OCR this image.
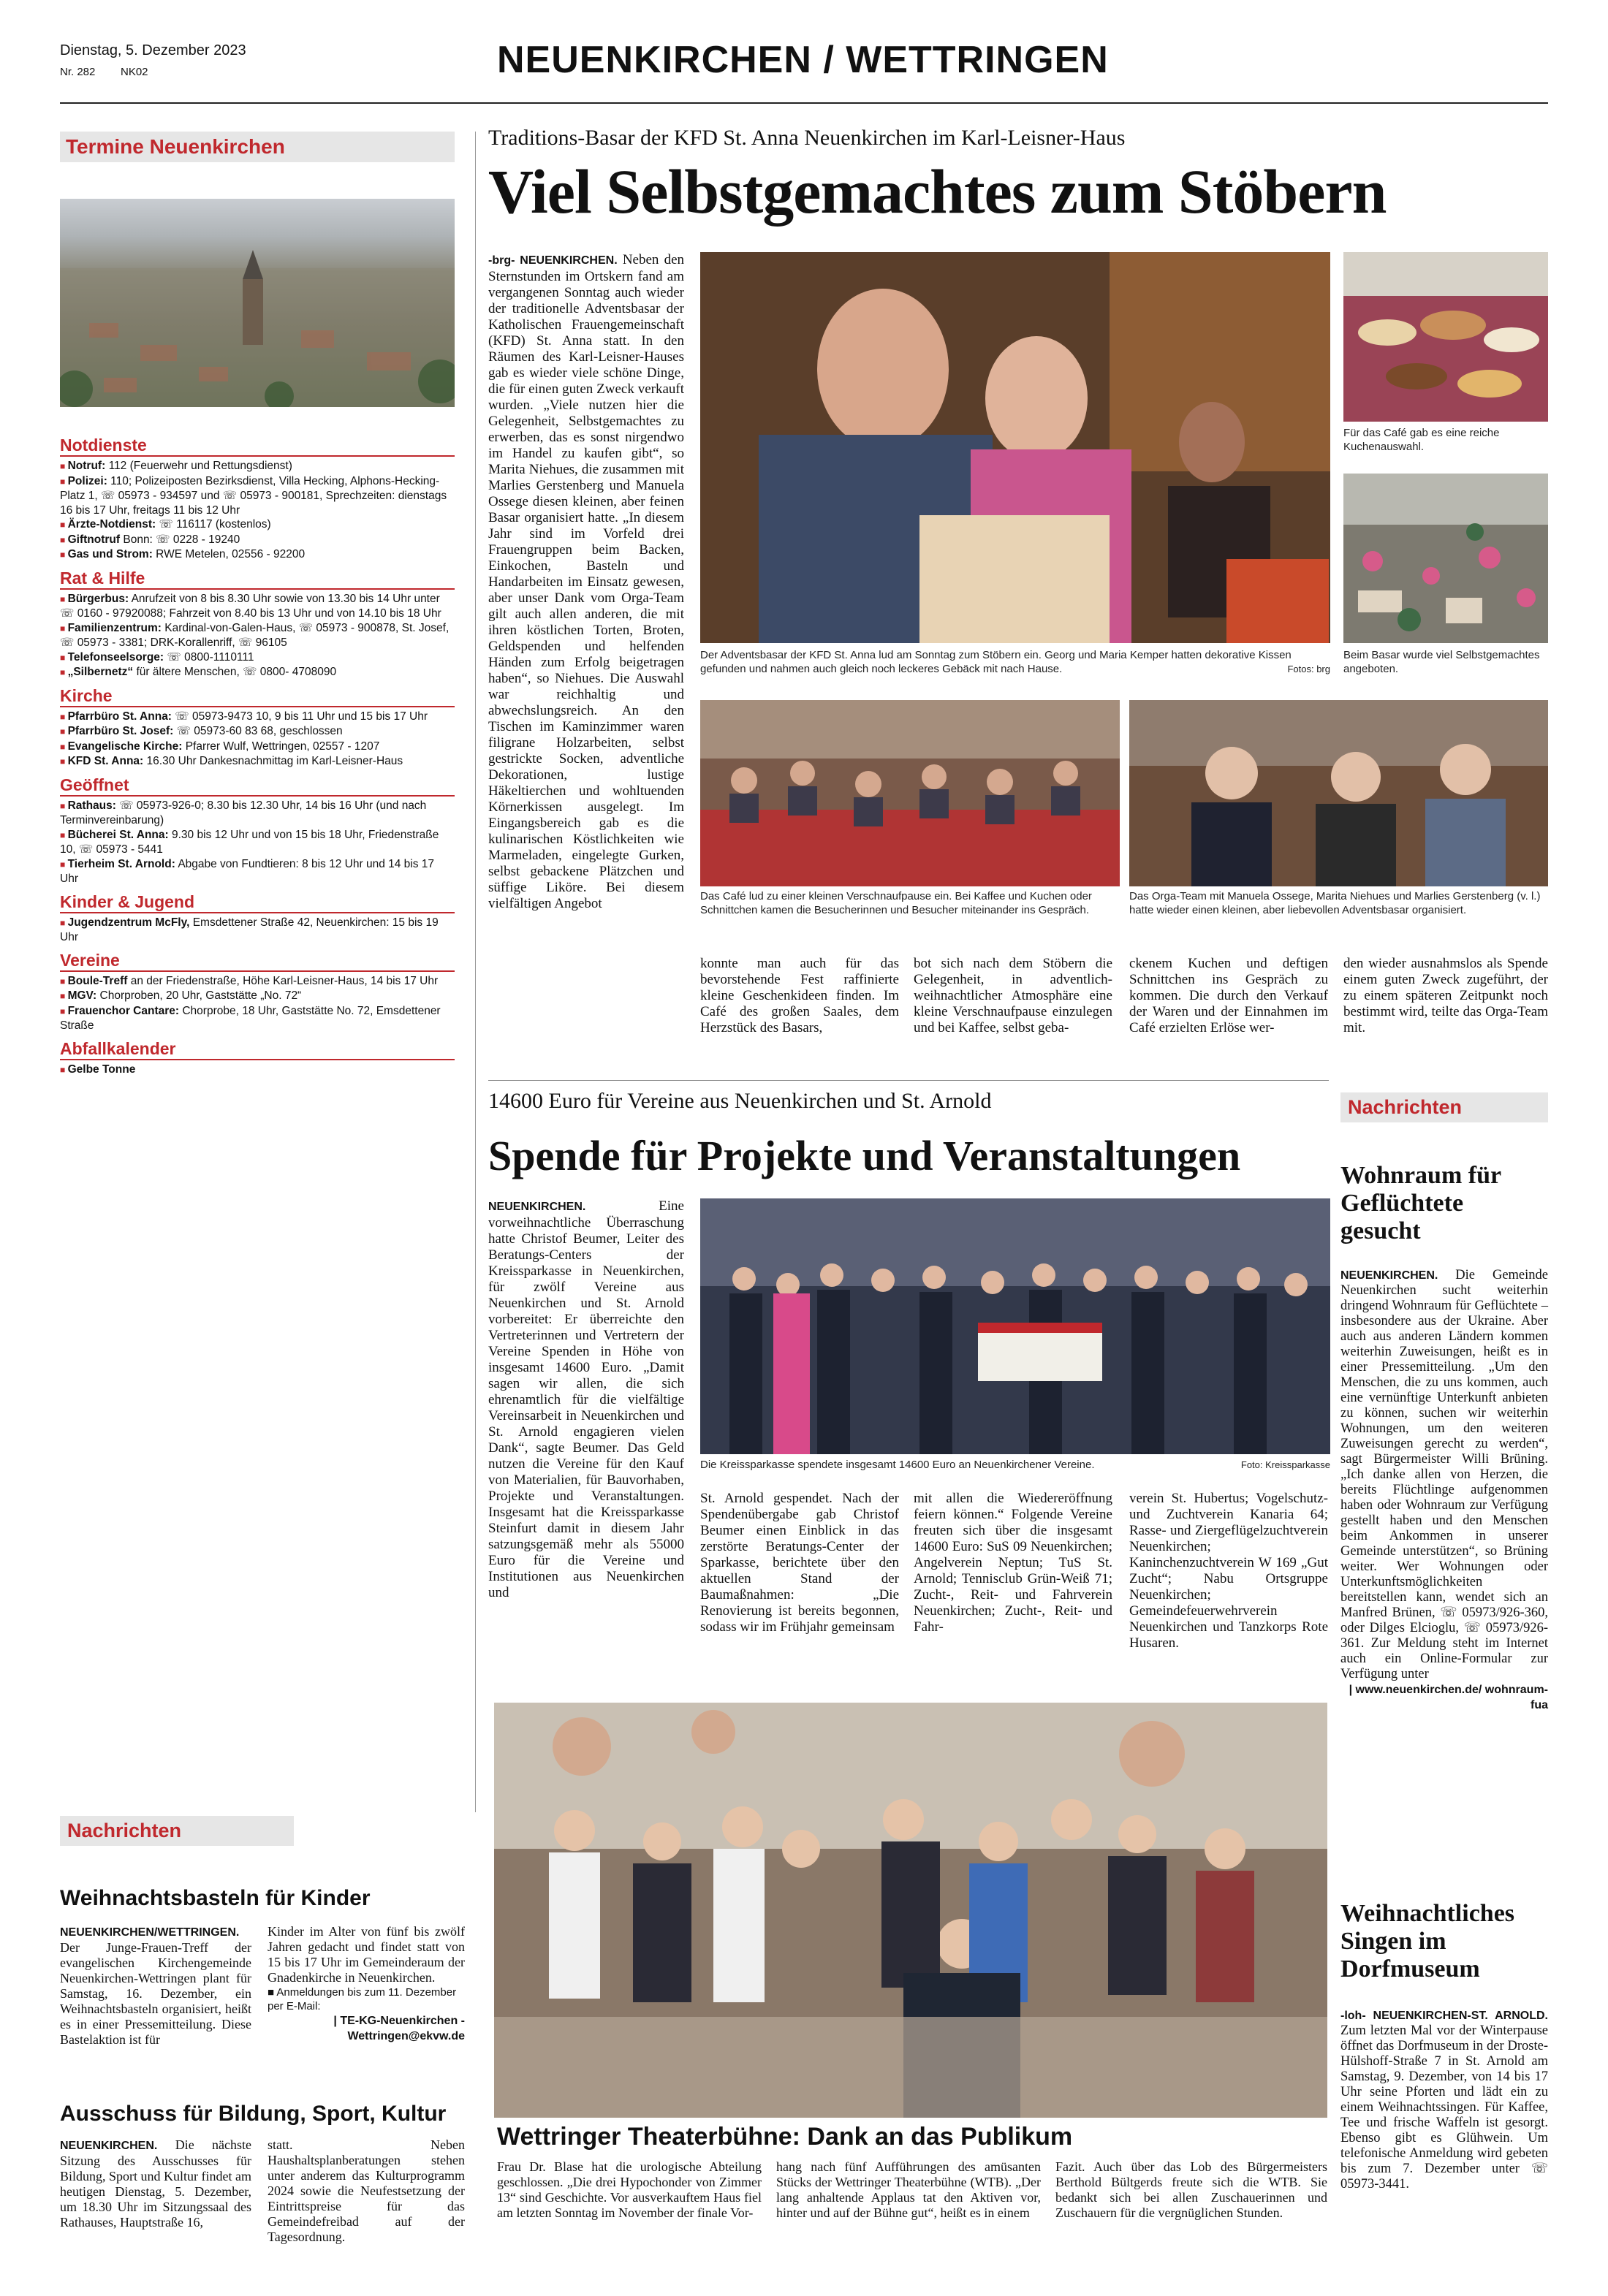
Dienstag, 5. Dezember 2023
Nr. 282 NK02	NEUENKIRCHEN / WETTRINGEN
Termine Neuenkirchen
Notdienste
■ Notruf: 112 (Feuerwehr und Rettungsdienst)
■ Polizei: 110; Polizeiposten Bezirksdienst, Villa Hecking, Alphons-Hecking-Platz 1, ☏ 05973 - 934597 und ☏ 05973 - 900181, Sprechzeiten: dienstags 16 bis 17 Uhr, freitags 11 bis 12 Uhr
■ Ärzte-Notdienst: ☏ 116117 (kostenlos)
■ Giftnotruf Bonn: ☏ 0228 - 19240
■ Gas und Strom: RWE Metelen, 02556 - 92200
Rat & Hilfe
■ Bürgerbus: Anrufzeit von 8 bis 8.30 Uhr sowie von 13.30 bis 14 Uhr unter ☏ 0160 - 97920088; Fahrzeit von 8.40 bis 13 Uhr und von 14.10 bis 18 Uhr
■ Familienzentrum: Kardinal-von-Galen-Haus, ☏ 05973 - 900878, St. Josef, ☏ 05973 - 3381; DRK-Korallenriff, ☏ 96105
■ Telefonseelsorge: ☏ 0800-1110111
■ „Silbernetz“ für ältere Menschen, ☏ 0800- 4708090
Kirche
■ Pfarrbüro St. Anna: ☏ 05973-9473 10, 9 bis 11 Uhr und 15 bis 17 Uhr
■ Pfarrbüro St. Josef: ☏ 05973-60 83 68, geschlossen
■ Evangelische Kirche: Pfarrer Wulf, Wettringen, 02557 - 1207
■ KFD St. Anna: 16.30 Uhr Dankesnachmittag im Karl-Leisner-Haus
Geöffnet
■ Rathaus: ☏ 05973-926-0; 8.30 bis 12.30 Uhr, 14 bis 16 Uhr (und nach Terminvereinbarung)
■ Bücherei St. Anna: 9.30 bis 12 Uhr und von 15 bis 18 Uhr, Friedenstraße 10, ☏ 05973 - 5441
■ Tierheim St. Arnold: Abgabe von Fundtieren: 8 bis 12 Uhr und 14 bis 17 Uhr
Kinder & Jugend
■ Jugendzentrum McFly, Emsdettener Straße 42, Neuenkirchen: 15 bis 19 Uhr
Vereine
■ Boule-Treff an der Friedenstraße, Höhe Karl-Leisner-Haus, 14 bis 17 Uhr
■ MGV: Chorproben, 20 Uhr, Gaststätte „No. 72“
■ Frauenchor Cantare: Chorprobe, 18 Uhr, Gaststätte No. 72, Emsdettener Straße
Abfallkalender
■ Gelbe Tonne
Nachrichten
Weihnachtsbasteln für Kinder
NEUENKIRCHEN/WETTRINGEN. Der Junge-Frauen-Treff der evangelischen Kirchengemeinde Neuenkirchen-Wettringen plant für Samstag, 16. Dezember, ein Weihnachtsbasteln organisiert, heißt es in einer Pressemitteilung. Diese Bastelaktion ist für
Kinder im Alter von fünf bis zwölf Jahren gedacht und findet statt von 15 bis 17 Uhr im Gemeinderaum der Gnadenkirche in Neuenkirchen.
■ Anmeldungen bis zum 11. Dezember per E-Mail:
| TE-KG-Neuenkirchen -Wettringen@ekvw.de
Ausschuss für Bildung, Sport, Kultur
NEUENKIRCHEN. Die nächste Sitzung des Ausschusses für Bildung, Sport und Kultur findet am heutigen Dienstag, 5. Dezember, um 18.30 Uhr im Sitzungssaal des Rathauses, Hauptstraße 16,
statt. Neben Haushaltsplanberatungen stehen unter anderem das Kulturprogramm 2024 sowie die Neufestsetzung der Eintrittspreise für das Gemeindefreibad auf der Tagesordnung.
Traditions-Basar der KFD St. Anna Neuenkirchen im Karl-Leisner-Haus
Viel Selbstgemachtes zum Stöbern
-brg- NEUENKIRCHEN. Neben den Sternstunden im Ortskern fand am vergangenen Sonntag auch wieder der traditionelle Adventsbasar der Katholischen Frauengemeinschaft (KFD) St. Anna statt. In den Räumen des Karl-Leisner-Hauses gab es wieder viele schöne Dinge, die für einen guten Zweck verkauft wurden. „Viele nutzen hier die Gelegenheit, Selbstgemachtes zu erwerben, das es sonst nirgendwo im Handel zu kaufen gibt“, so Marita Niehues, die zusammen mit Marlies Gerstenberg und Manuela Ossege diesen kleinen, aber feinen Basar organisiert hatte. „In diesem Jahr sind im Vorfeld drei Frauengruppen beim Backen, Einkochen, Basteln und Handarbeiten im Einsatz gewesen, aber unser Dank vom Orga-Team gilt auch allen anderen, die mit ihren köstlichen Torten, Broten, Geldspenden und helfenden Händen zum Erfolg beigetragen haben“, so Niehues. Die Auswahl war reichhaltig und abwechslungsreich. An den Tischen im Kaminzimmer waren filigrane Holzarbeiten, selbst gestrickte Socken, adventliche Dekorationen, lustige Häkeltierchen und wohltuenden Körnerkissen ausgelegt. Im Eingangsbereich gab es die kulinarischen Köstlichkeiten wie Marmeladen, eingelegte Gurken, selbst gebackene Plätzchen und süffige Liköre. Bei diesem vielfältigen Angebot
Der Adventsbasar der KFD St. Anna lud am Sonntag zum Stöbern ein. Georg und Maria Kemper hatten dekorative Kissen gefunden und nahmen auch gleich noch leckeres Gebäck mit nach Hause.	Fotos: brg
Für das Café gab es eine reiche Kuchenauswahl.
Beim Basar wurde viel Selbstgemachtes angeboten.
Das Café lud zu einer kleinen Verschnaufpause ein. Bei Kaffee und Kuchen oder Schnittchen kamen die Besucherinnen und Besucher miteinander ins Gespräch.
Das Orga-Team mit Manuela Ossege, Marita Niehues und Marlies Gerstenberg (v. l.) hatte wieder einen kleinen, aber liebevollen Adventsbasar organisiert.
konnte man auch für das bevorstehende Fest raffinierte kleine Geschenkideen finden. Im Café des großen Saales, dem Herzstück des Basars,
bot sich nach dem Stöbern die Gelegenheit, in adventlich-weihnachtlicher Atmosphäre eine kleine Verschnaufpause einzulegen und bei Kaffee, selbst geba-
ckenem Kuchen und deftigen Schnittchen ins Gespräch zu kommen. Die durch den Verkauf der Waren und der Einnahmen im Café erzielten Erlöse wer-
den wieder ausnahmslos als Spende einem guten Zweck zugeführt, der zu einem späteren Zeitpunkt noch bestimmt wird, teilte das Orga-Team mit.
14600 Euro für Vereine aus Neuenkirchen und St. Arnold
Spende für Projekte und Veranstaltungen
NEUENKIRCHEN.	Eine vorweihnachtliche Überraschung hatte Christof Beumer, Leiter des Beratungs-Centers der Kreissparkasse in Neuenkirchen, für zwölf Vereine aus Neuenkirchen und St. Arnold vorbereitet: Er überreichte den Vertreterinnen und Vertretern der Vereine Spenden in Höhe von insgesamt 14600 Euro. „Damit sagen wir allen, die sich ehrenamtlich für die vielfältige Vereinsarbeit in Neuenkirchen und St. Arnold engagieren vielen Dank“, sagte Beumer. Das Geld nutzen die Vereine für den Kauf von Materialien, für Bauvorhaben, Projekte und Veranstaltungen. Insgesamt hat die Kreissparkasse Steinfurt damit in diesem Jahr satzungsgemäß mehr als 55000 Euro für die Vereine und Institutionen aus Neuenkirchen und
Die Kreissparkasse spendete insgesamt 14600 Euro an Neuenkirchener Vereine.	Foto: Kreissparkasse
St. Arnold gespendet. Nach der Spendenübergabe gab Christof Beumer einen Einblick in das zerstörte Beratungs-Center der Sparkasse, berichtete über den aktuellen Stand der Baumaßnahmen: „Die Renovierung ist bereits begonnen, sodass wir im Frühjahr gemeinsam
mit allen die Wiedereröffnung feiern können.“ Folgende Vereine freuten sich über die insgesamt 14600 Euro: SuS 09 Neuenkirchen; Angelverein Neptun; TuS St. Arnold; Tennisclub Grün-Weiß 71; Zucht-, Reit- und Fahrverein Neuenkirchen; Zucht-, Reit- und Fahr-
verein St. Hubertus; Vogelschutz- und Zuchtverein Kanaria 64; Rasse- und Ziergeflügelzuchtverein Neuenkirchen; Kaninchenzuchtverein W 169 „Gut Zucht“; Nabu Ortsgruppe Neuenkirchen; Gemeindefeuerwehrverein Neuenkirchen und Tanzkorps Rote Husaren.
Wettringer Theaterbühne: Dank an das Publikum
Frau Dr. Blase hat die urologische Abteilung geschlossen. „Die drei Hypochonder von Zimmer 13“ sind Geschichte. Vor ausverkauftem Haus fiel am letzten Sonntag im November der finale Vor-
hang nach fünf Aufführungen des amüsanten Stücks der Wettringer Theaterbühne (WTB). „Der lang anhaltende Applaus tat den Aktiven vor, hinter und auf der Bühne gut“, heißt es in einem
Fazit. Auch über das Lob des Bürgermeisters Berthold Bültgerds freute sich die WTB. Sie bedankt sich bei allen Zuschauerinnen und Zuschauern für die vergnüglichen Stunden.
Nachrichten
Wohnraum für Geflüchtete gesucht
NEUENKIRCHEN. Die Gemeinde Neuenkirchen sucht weiterhin dringend Wohnraum für Geflüchtete – insbesondere aus der Ukraine. Aber auch aus anderen Ländern kommen weiterhin Zuweisungen, heißt es in einer Pressemitteilung. „Um den Menschen, die zu uns kommen, auch eine vernünftige Unterkunft anbieten zu können, suchen wir weiterhin Wohnungen, um den weiteren Zuweisungen gerecht zu werden“, sagt Bürgermeister Willi Brüning. „Ich danke allen von Herzen, die bereits Flüchtlinge aufgenommen haben oder Wohnraum zur Verfügung gestellt haben und den Menschen beim Ankommen in unserer Gemeinde unterstützen“, so Brüning weiter. Wer Wohnungen oder Unterkunftsmöglichkeiten bereitstellen kann, wendet sich an Manfred Brünen, ☏ 05973/926-360, oder Dilges Elcioglu, ☏ 05973/926-361. Zur Meldung steht im Internet auch ein Online-Formular zur Verfügung unter
| www.neuenkirchen.de/ wohnraum-fua
Weihnachtliches Singen im Dorfmuseum
-loh- NEUENKIRCHEN-ST. ARNOLD. Zum letzten Mal vor der Winterpause öffnet das Dorfmuseum in der Droste-Hülshoff-Straße 7 in St. Arnold am Samstag, 9. Dezember, von 14 bis 17 Uhr seine Pforten und lädt ein zu einem Weihnachtssingen. Für Kaffee, Tee und frische Waffeln ist gesorgt. Ebenso gibt es Glühwein. Um telefonische Anmeldung wird gebeten bis zum 7. Dezember unter ☏ 05973-3441.
